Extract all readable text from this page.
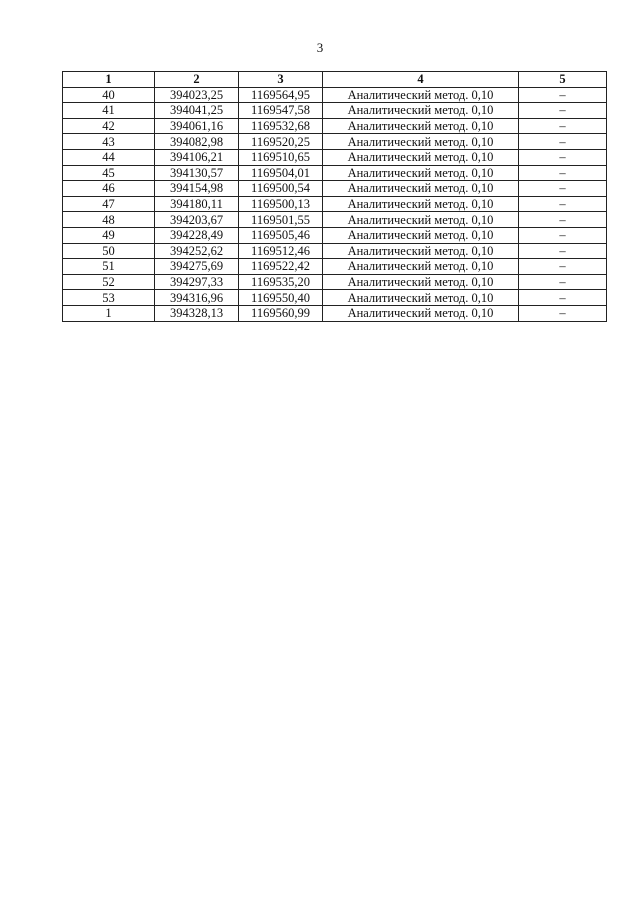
3
1	2	3	4	5
40	394023,25	1169564,95	Аналитический метод. 0,10	–
41	394041,25	1169547,58	Аналитический метод. 0,10	–
42	394061,16	1169532,68	Аналитический метод. 0,10	–
43	394082,98	1169520,25	Аналитический метод. 0,10	–
44	394106,21	1169510,65	Аналитический метод. 0,10	–
45	394130,57	1169504,01	Аналитический метод. 0,10	–
46	394154,98	1169500,54	Аналитический метод. 0,10	–
47	394180,11	1169500,13	Аналитический метод. 0,10	–
48	394203,67	1169501,55	Аналитический метод. 0,10	–
49	394228,49	1169505,46	Аналитический метод. 0,10	–
50	394252,62	1169512,46	Аналитический метод. 0,10	–
51	394275,69	1169522,42	Аналитический метод. 0,10	–
52	394297,33	1169535,20	Аналитический метод. 0,10	–
53	394316,96	1169550,40	Аналитический метод. 0,10	–
1	394328,13	1169560,99	Аналитический метод. 0,10	–
